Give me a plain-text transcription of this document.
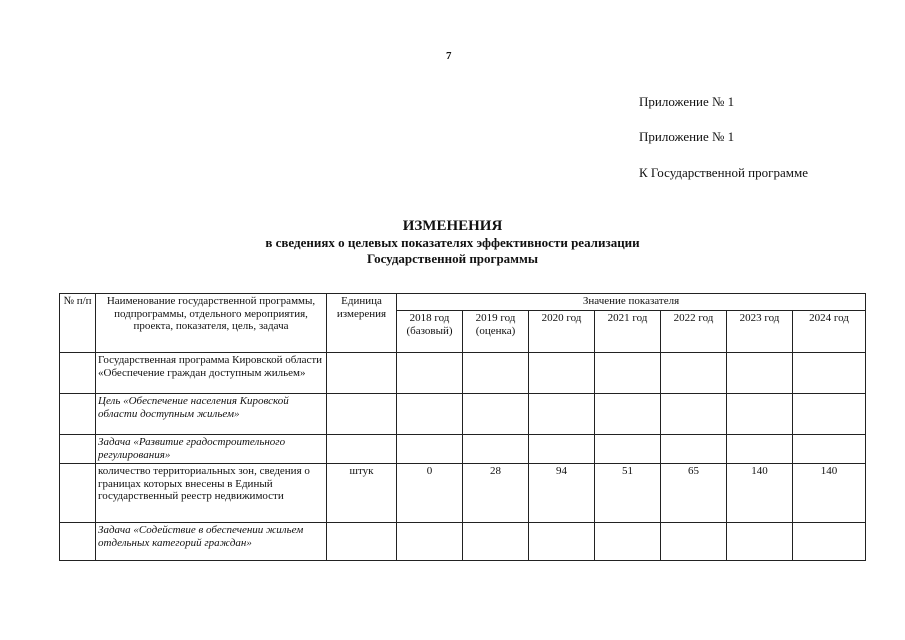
7
Приложение № 1
Приложение № 1
К Государственной программе
ИЗМЕНЕНИЯ
в сведениях о целевых показателях эффективности реализации
Государственной программы
№ п/п	Наименование государственной программы, подпрограммы, отдельного мероприятия, проекта, показателя, цель, задача	Единица измерения	Значение показателя						
			2018 год (базовый)	2019 год (оценка)	2020 год	2021 год	2022 год	2023 год	2024 год
	Государственная программа Кировской области «Обеспечение граждан доступным жильем»								
	Цель «Обеспечение населения Кировской области доступным жильем»								
	Задача «Развитие градостроительного регулирования»								
	количество территориальных зон, сведения о границах которых внесены в Единый государственный реестр недвижимости	штук	0	28	94	51	65	140	140
	Задача «Содействие в обеспечении жильем отдельных категорий граждан»								
